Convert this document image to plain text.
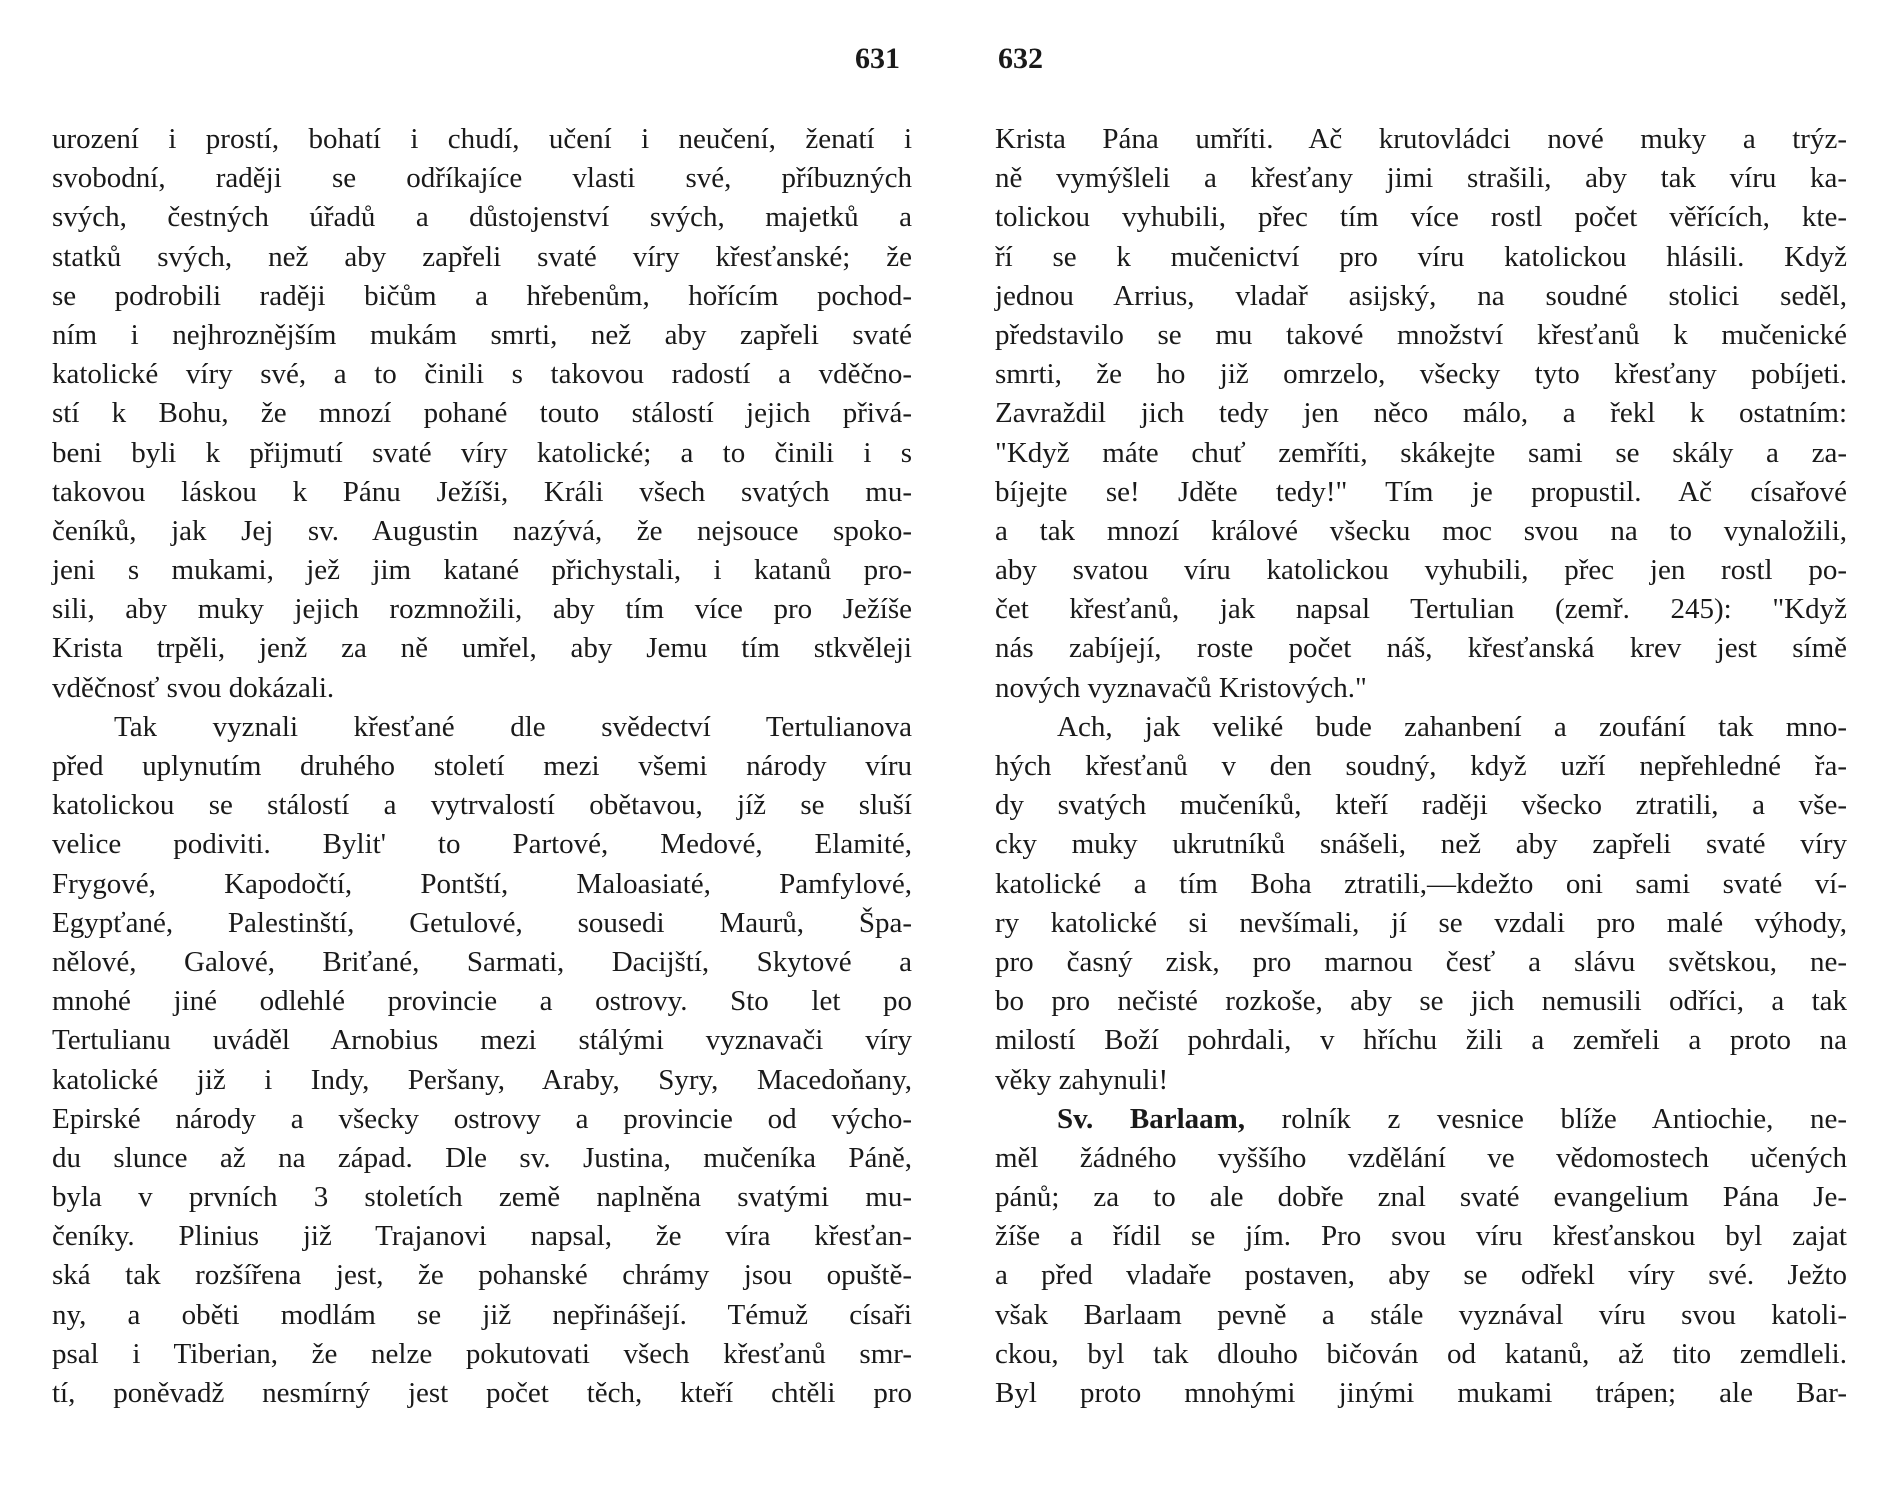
631	632
urození i prostí, bohatí i chudí, učení i neučení, ženatí i
svobodní, raději se odříkajíce vlasti své, příbuzných
svých, čestných úřadů a důstojenství svých, majetků a
statků svých, než aby zapřeli svaté víry křesťanské; že
se podrobili raději bičům a hřebenům, hořícím pochod-
ním i nejhroznějším mukám smrti, než aby zapřeli svaté
katolické víry své, a to činili s takovou radostí a vděčno-
stí k Bohu, že mnozí pohané touto stálostí jejich přivá-
beni byli k přijmutí svaté víry katolické; a to činili i s
takovou láskou k Pánu Ježíši, Králi všech svatých mu-
čeníků, jak Jej sv. Augustin nazývá, že nejsouce spoko-
jeni s mukami, jež jim katané přichystali, i katanů pro-
sili, aby muky jejich rozmnožili, aby tím více pro Ježíše
Krista trpěli, jenž za ně umřel, aby Jemu tím stkvěleji
vděčnosť svou dokázali.
Tak vyznali křesťané dle svědectví Tertulianova
před uplynutím druhého století mezi všemi národy víru
katolickou se stálostí a vytrvalostí obětavou, jíž se sluší
velice podiviti. Bylit' to Partové, Medové, Elamité,
Frygové, Kapodočtí, Pontští, Maloasiaté, Pamfylové,
Egypťané, Palestinští, Getulové, sousedi Maurů, Špa-
nělové, Galové, Briťané, Sarmati, Dacijští, Skytové a
mnohé jiné odlehlé provincie a ostrovy. Sto let po
Tertulianu uváděl Arnobius mezi stálými vyznavači víry
katolické již i Indy, Peršany, Araby, Syry, Macedoňany,
Epirské národy a všecky ostrovy a provincie od výcho-
du slunce až na západ. Dle sv. Justina, mučeníka Páně,
byla v prvních 3 stoletích země naplněna svatými mu-
čeníky. Plinius již Trajanovi napsal, že víra křesťan-
ská tak rozšířena jest, že pohanské chrámy jsou opuště-
ny, a oběti modlám se již nepřinášejí. Témuž císaři
psal i Tiberian, že nelze pokutovati všech křesťanů smr-
tí, poněvadž nesmírný jest počet těch, kteří chtěli pro
Krista Pána umříti. Ač krutovládci nové muky a trýz-
ně vymýšleli a křesťany jimi strašili, aby tak víru ka-
tolickou vyhubili, přec tím více rostl počet věřících, kte-
ří se k mučenictví pro víru katolickou hlásili. Když
jednou Arrius, vladař asijský, na soudné stolici seděl,
představilo se mu takové množství křesťanů k mučenické
smrti, že ho již omrzelo, všecky tyto křesťany pobíjeti.
Zavraždil jich tedy jen něco málo, a řekl k ostatním:
"Když máte chuť zemříti, skákejte sami se skály a za-
bíjejte se! Jděte tedy!" Tím je propustil. Ač císařové
a tak mnozí králové všecku moc svou na to vynaložili,
aby svatou víru katolickou vyhubili, přec jen rostl po-
čet křesťanů, jak napsal Tertulian (zemř. 245): "Když
nás zabíjejí, roste počet náš, křesťanská krev jest símě
nových vyznavačů Kristových."
Ach, jak veliké bude zahanbení a zoufání tak mno-
hých křesťanů v den soudný, když uzří nepřehledné řa-
dy svatých mučeníků, kteří raději všecko ztratili, a vše-
cky muky ukrutníků snášeli, než aby zapřeli svaté víry
katolické a tím Boha ztratili,—kdežto oni sami svaté ví-
ry katolické si nevšímali, jí se vzdali pro malé výhody,
pro časný zisk, pro marnou česť a slávu světskou, ne-
bo pro nečisté rozkoše, aby se jich nemusili odříci, a tak
milostí Boží pohrdali, v hříchu žili a zemřeli a proto na
věky zahynuli!
Sv. Barlaam, rolník z vesnice blíže Antiochie, ne-
měl žádného vyššího vzdělání ve vědomostech učených
pánů; za to ale dobře znal svaté evangelium Pána Je-
žíše a řídil se jím. Pro svou víru křesťanskou byl zajat
a před vladaře postaven, aby se odřekl víry své. Ježto
však Barlaam pevně a stále vyznával víru svou katoli-
ckou, byl tak dlouho bičován od katanů, až tito zemdleli.
Byl proto mnohými jinými mukami trápen; ale Bar-
